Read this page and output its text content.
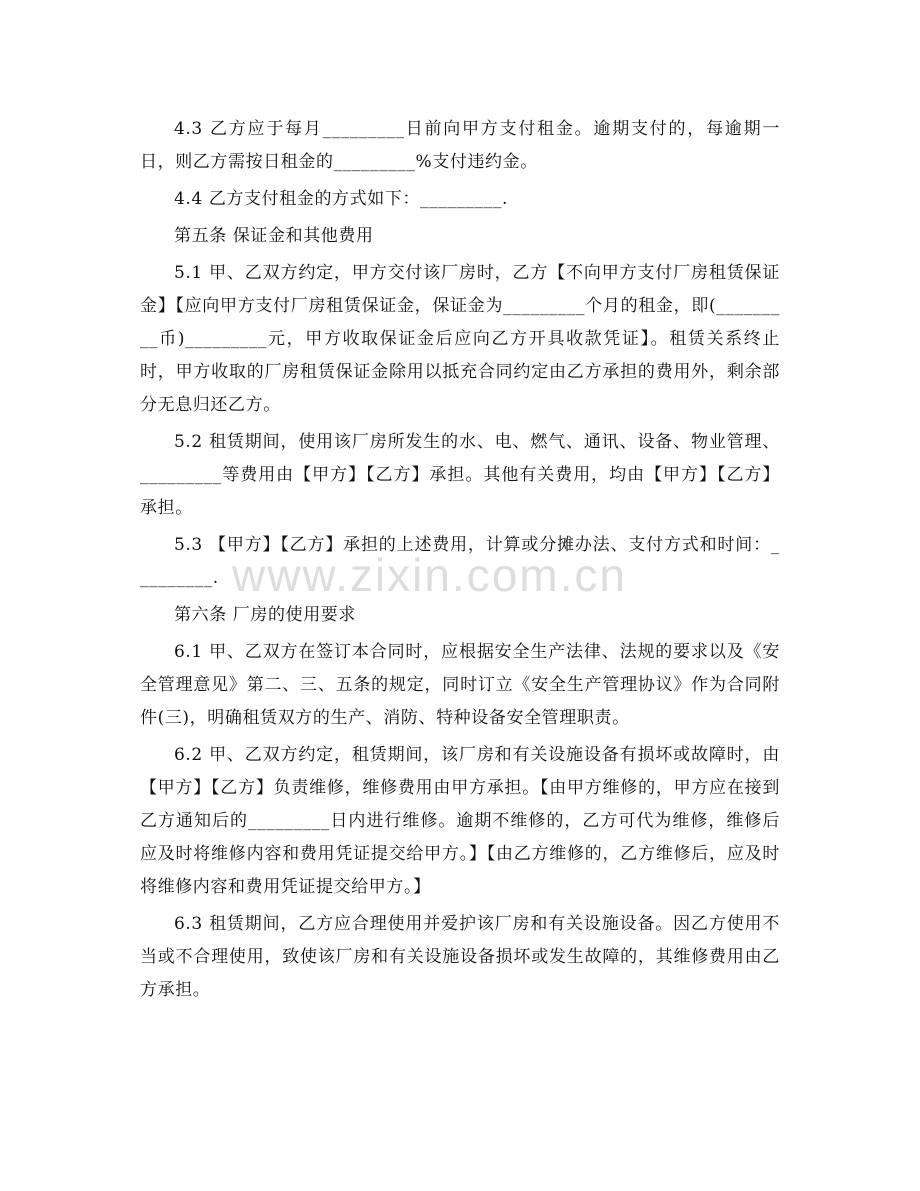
4.3 乙方应于每月_________日前向甲方支付租金。逾期支付的，每逾期一日，则乙方需按日租金的_________%支付违约金。

4.4 乙方支付租金的方式如下：_________.

第五条 保证金和其他费用

5.1 甲、乙双方约定，甲方交付该厂房时，乙方【不向甲方支付厂房租赁保证金】【应向甲方支付厂房租赁保证金，保证金为_________个月的租金，即(_________币)_________元，甲方收取保证金后应向乙方开具收款凭证】。租赁关系终止时，甲方收取的厂房租赁保证金除用以抵充合同约定由乙方承担的费用外，剩余部分无息归还乙方。

5.2 租赁期间，使用该厂房所发生的水、电、燃气、通讯、设备、物业管理、_________等费用由【甲方】【乙方】承担。其他有关费用，均由【甲方】【乙方】承担。

5.3 【甲方】【乙方】承担的上述费用，计算或分摊办法、支付方式和时间：_________.

第六条 厂房的使用要求

6.1 甲、乙双方在签订本合同时，应根据安全生产法律、法规的要求以及《安全管理意见》第二、三、五条的规定，同时订立《安全生产管理协议》作为合同附件(三)，明确租赁双方的生产、消防、特种设备安全管理职责。

6.2 甲、乙双方约定，租赁期间，该厂房和有关设施设备有损坏或故障时，由【甲方】【乙方】负责维修，维修费用由甲方承担。【由甲方维修的，甲方应在接到乙方通知后的_________日内进行维修。逾期不维修的，乙方可代为维修，维修后应及时将维修内容和费用凭证提交给甲方。】【由乙方维修的，乙方维修后，应及时将维修内容和费用凭证提交给甲方。】

6.3 租赁期间，乙方应合理使用并爱护该厂房和有关设施设备。因乙方使用不当或不合理使用，致使该厂房和有关设施设备损坏或发生故障的，其维修费用由乙方承担。

www.zixin.com.cn
